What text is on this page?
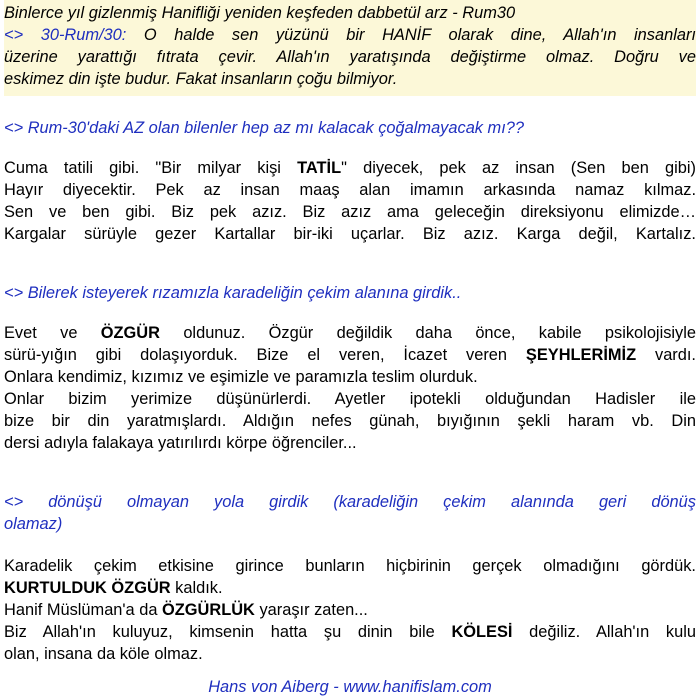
Binlerce yıl gizlenmiş Hanifliği yeniden keşfeden dabbetül arz - Rum30
<> 30-Rum/30: O halde sen yüzünü bir HANİF olarak dine, Allah'ın insanları
üzerine yarattığı fıtrata çevir. Allah'ın yaratışında değiştirme olmaz. Doğru ve
eskimez din işte budur. Fakat insanların çoğu bilmiyor.
<> Rum-30'daki AZ olan bilenler hep az mı kalacak çoğalmayacak mı??
Cuma tatili gibi. "Bir milyar kişi TATİL" diyecek, pek az insan (Sen ben gibi)
Hayır diyecektir. Pek az insan maaş alan imamın arkasında namaz kılmaz.
Sen ve ben gibi. Biz pek azız. Biz azız ama geleceğin direksiyonu elimizde…
Kargalar sürüyle gezer Kartallar bir-iki uçarlar. Biz azız. Karga değil, Kartalız.
<> Bilerek isteyerek rızamızla karadeliğin çekim alanına girdik..
Evet ve ÖZGÜR oldunuz. Özgür değildik daha önce, kabile psikolojisiyle
sürü-yığın gibi dolaşıyorduk. Bize el veren, İcazet veren ŞEYHLERİMİZ vardı.
Onlara kendimiz, kızımız ve eşimizle ve paramızla teslim olurduk.
Onlar bizim yerimize düşünürlerdi. Ayetler ipotekli olduğundan Hadisler ile
bize bir din yaratmışlardı. Aldığın nefes günah, bıyığının şekli haram vb. Din
dersi adıyla falakaya yatırılırdı körpe öğrenciler...
<> dönüşü olmayan yola girdik (karadeliğin çekim alanında geri dönüş
olamaz)
Karadelik çekim etkisine girince bunların hiçbirinin gerçek olmadığını gördük.
KURTULDUK ÖZGÜR kaldık.
Hanif Müslüman'a da ÖZGÜRLÜK yaraşır zaten...
Biz Allah'ın kuluyuz, kimsenin hatta şu dinin bile KÖLESİ değiliz. Allah'ın kulu
olan, insana da köle olmaz.
Hans von Aiberg - www.hanifislam.com
